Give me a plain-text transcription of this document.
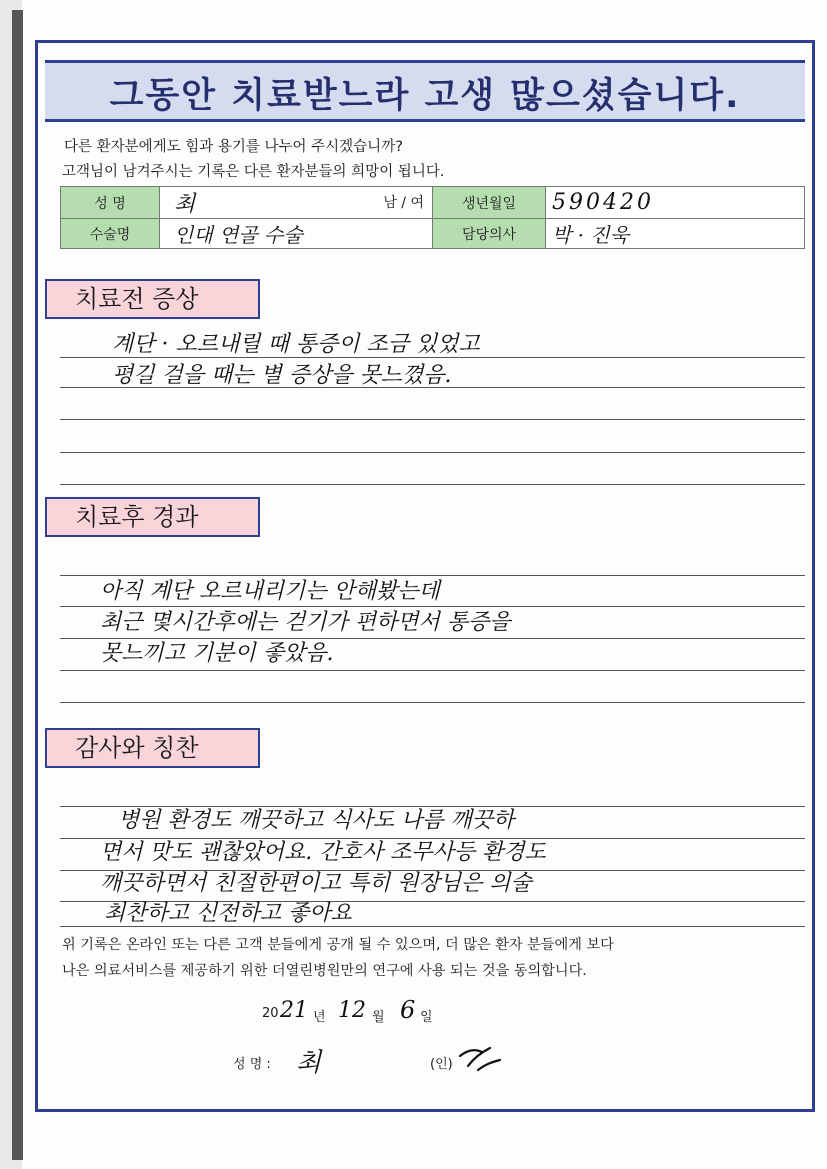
그동안 치료받느라 고생 많으셨습니다.
다른 환자분에게도 힘과 용기를 나누어 주시겠습니까?
고객님이 남겨주시는 기록은 다른 환자분들의 희망이 됩니다.
성 명	최 남 / 여	생년월일	590420
수술명	인대 연골 수술	담당의사	박 · 진욱
치료전 증상
계단 · 오르내릴 때 통증이 조금 있었고
평길 걸을 때는 별 증상을 못느꼈음.
치료후 경과
아직 계단 오르내리기는 안해봤는데
최근 몇시간후에는 걷기가 편하면서 통증을
못느끼고 기분이 좋았음.
감사와 칭찬
병원 환경도 깨끗하고 식사도 나름 깨끗하
면서 맛도 괜찮았어요. 간호사 조무사등 환경도
깨끗하면서 친절한편이고 특히 원장님은 의술
최찬하고 신전하고 좋아요
위 기록은 온라인 또는 다른 고객 분들에게 공개 될 수 있으며, 더 많은 환자 분들에게 보다
나은 의료서비스를 제공하기 위한 더열린병원만의 연구에 사용 되는 것을 동의합니다.
20 21 년 12 월 6 일
성 명 : 최	(인)
